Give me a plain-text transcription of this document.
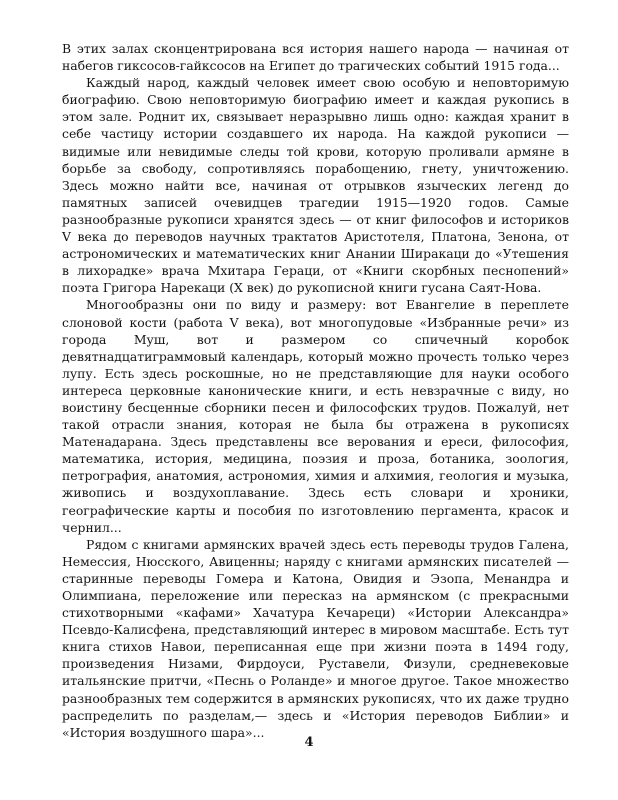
В этих залах сконцентрирована вся история нашего народа — начиная от набегов гиксосов-гайксосов на Египет до трагических событий 1915 года...

Каждый народ, каждый человек имеет свою особую и неповторимую биографию. Свою неповторимую биографию имеет и каждая рукопись в этом зале. Роднит их, связывает неразрывно лишь одно: каждая хранит в себе частицу истории создавшего их народа. На каждой рукописи — видимые или невидимые следы той крови, которую проливали армяне в борьбе за свободу, сопротивляясь порабощению, гнету, уничтожению. Здесь можно найти все, начиная от отрывков языческих легенд до памятных записей очевидцев трагедии 1915—1920 годов. Самые разнообразные рукописи хранятся здесь — от книг философов и историков V века до переводов научных трактатов Аристотеля, Платона, Зенона, от астрономических и математических книг Анании Ширакаци до «Утешения в лихорадке» врача Мхитара Гераци, от «Книги скорбных песнопений» поэта Григора Нарекаци (X век) до рукописной книги гусана Саят-Нова.

Многообразны они по виду и размеру: вот Евангелие в переплете слоновой кости (работа V века), вот многопудовые «Избранные речи» из города Муш, вот и размером со спичечный коробок девятнадцатиграммовый календарь, который можно прочесть только через лупу. Есть здесь роскошные, но не представляющие для науки особого интереса церковные канонические книги, и есть невзрачные с виду, но воистину бесценные сборники песен и философских трудов. Пожалуй, нет такой отрасли знания, которая не была бы отражена в рукописях Матенадарана. Здесь представлены все верования и ереси, философия, математика, история, медицина, поэзия и проза, ботаника, зоология, петрография, анатомия, астрономия, химия и алхимия, геология и музыка, живопись и воздухоплавание. Здесь есть словари и хроники, географические карты и пособия по изготовлению пергамента, красок и чернил...

Рядом с книгами армянских врачей здесь есть переводы трудов Галена, Немессия, Нюсского, Авиценны; наряду с книгами армянских писателей — старинные переводы Гомера и Катона, Овидия и Эзопа, Менандра и Олимпиана, переложение или пересказ на армянском (с прекрасными стихотворными «кафами» Хачатура Кечареци) «Истории Александра» Псевдо-Калисфена, представляющий интерес в мировом масштабе. Есть тут книга стихов Навои, переписанная еще при жизни поэта в 1494 году, произведения Низами, Фирдоуси, Руставели, Физули, средневековые итальянские притчи, «Песнь о Роланде» и многое другое. Такое множество разнообразных тем содержится в армянских рукописях, что их даже трудно распределить по разделам,— здесь и «История переводов Библии» и «История воздушного шара»...

4
